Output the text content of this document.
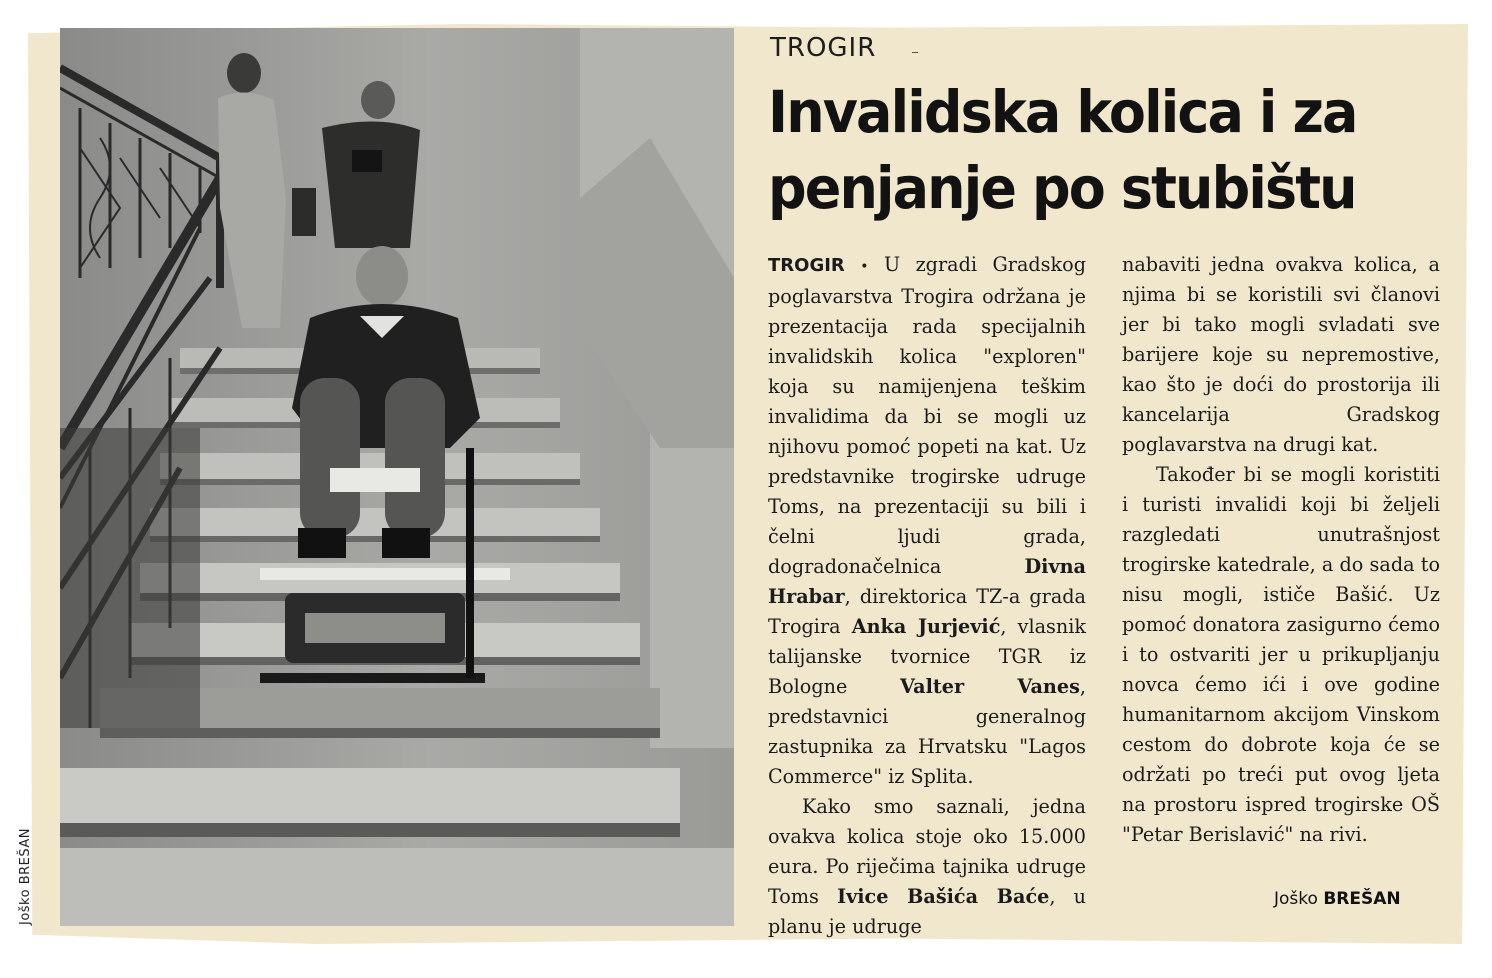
Joško BREŠAN
TROGIR
Invalidska kolica i za penjanje po stubištu

TROGIR • U zgradi Gradskog poglavarstva Trogira održana je prezentacija rada specijalnih invalidskih kolica "exploren" koja su namijenjena teškim invalidima da bi se mogli uz njihovu pomoć popeti na kat. Uz predstavnike trogirske udruge Toms, na prezentaciji su bili i čelni ljudi grada, dogradonačelnica	Divna Hrabar, direktorica TZ-a grada Trogira Anka Jurjević, vlasnik talijanske tvornice TGR iz Bologne	Valter Vanes, predstavnici generalnog zastupnika za Hrvatsku "Lagos Commerce" iz Splita.

Kako smo saznali, jedna ovakva kolica stoje oko 15.000 eura. Po riječima tajnika udruge Toms Ivice Bašića Baće, u planu je udruge

nabaviti jedna ovakva kolica, a njima bi se koristili svi članovi jer bi tako mogli svladati sve barijere koje su nepremostive, kao što je doći do prostorija ili kancelarija Gradskog poglavarstva na drugi kat.

Također bi se mogli koristiti i turisti invalidi koji bi željeli razgledati unutrašnjost trogirske katedrale, a do sada to nisu mogli, ističe Bašić. Uz pomoć donatora zasigurno ćemo i to ostvariti jer u prikupljanju novca ćemo ići i ove godine humanitarnom akcijom Vinskom cestom do dobrote koja će se održati po treći put ovog ljeta na prostoru ispred trogirske OŠ "Petar Berislavić" na rivi.

Joško BREŠAN
